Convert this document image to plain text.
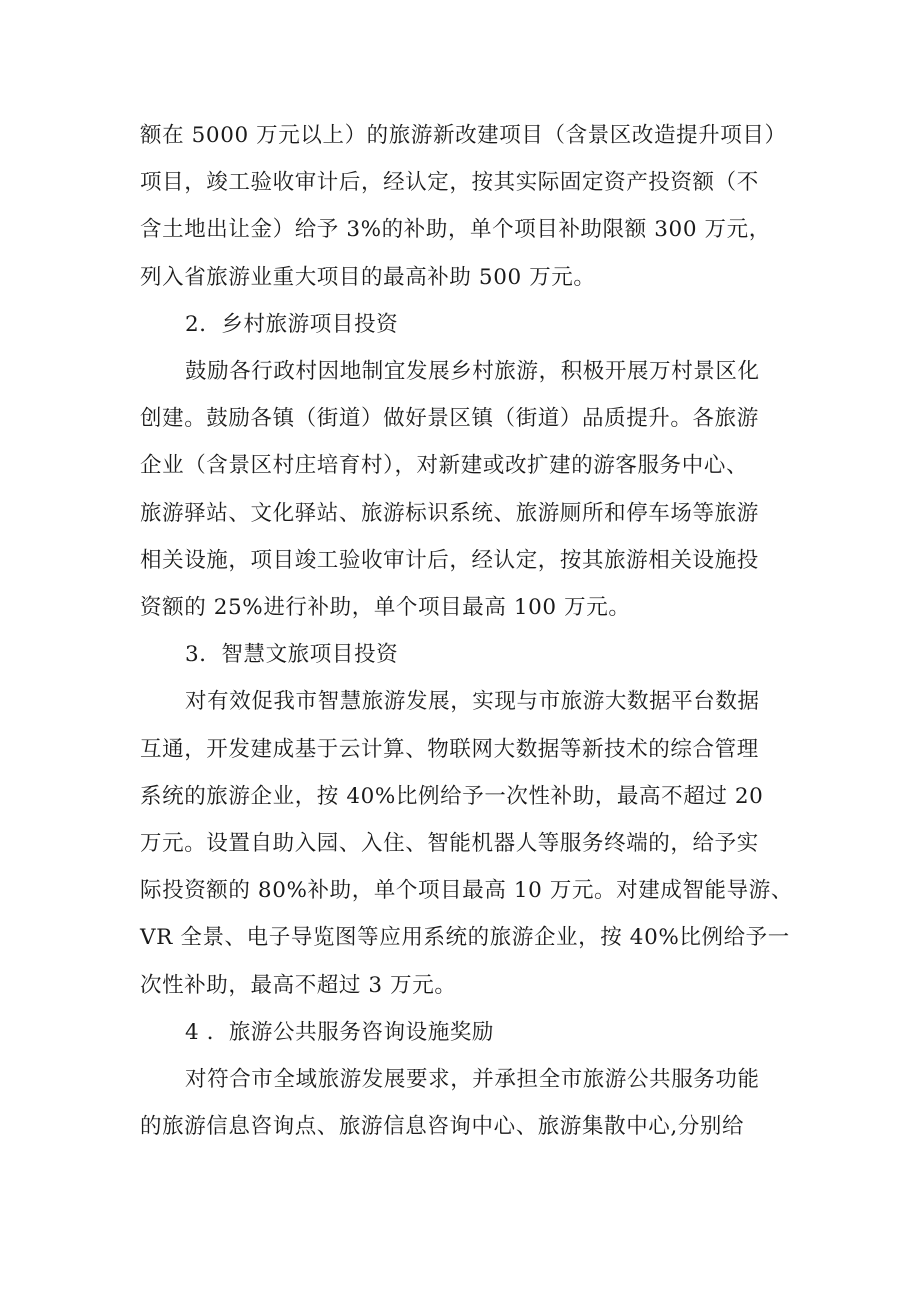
额在 5000 万元以上）的旅游新改建项目（含景区改造提升项目）
项目，竣工验收审计后，经认定，按其实际固定资产投资额（不
含土地出让金）给予 3%的补助，单个项目补助限额 300 万元，
列入省旅游业重大项目的最高补助 500 万元。

2．乡村旅游项目投资

鼓励各行政村因地制宜发展乡村旅游，积极开展万村景区化
创建。鼓励各镇（街道）做好景区镇（街道）品质提升。各旅游
企业（含景区村庄培育村），对新建或改扩建的游客服务中心、
旅游驿站、文化驿站、旅游标识系统、旅游厕所和停车场等旅游
相关设施，项目竣工验收审计后，经认定，按其旅游相关设施投
资额的 25%进行补助，单个项目最高 100 万元。

3．智慧文旅项目投资

对有效促我市智慧旅游发展，实现与市旅游大数据平台数据
互通，开发建成基于云计算、物联网大数据等新技术的综合管理
系统的旅游企业，按 40%比例给予一次性补助，最高不超过 20
万元。设置自助入园、入住、智能机器人等服务终端的，给予实
际投资额的 80%补助，单个项目最高 10 万元。对建成智能导游、
VR 全景、电子导览图等应用系统的旅游企业，按 40%比例给予一
次性补助，最高不超过 3 万元。

4 ．旅游公共服务咨询设施奖励

对符合市全域旅游发展要求，并承担全市旅游公共服务功能
的旅游信息咨询点、旅游信息咨询中心、旅游集散中心,分别给
